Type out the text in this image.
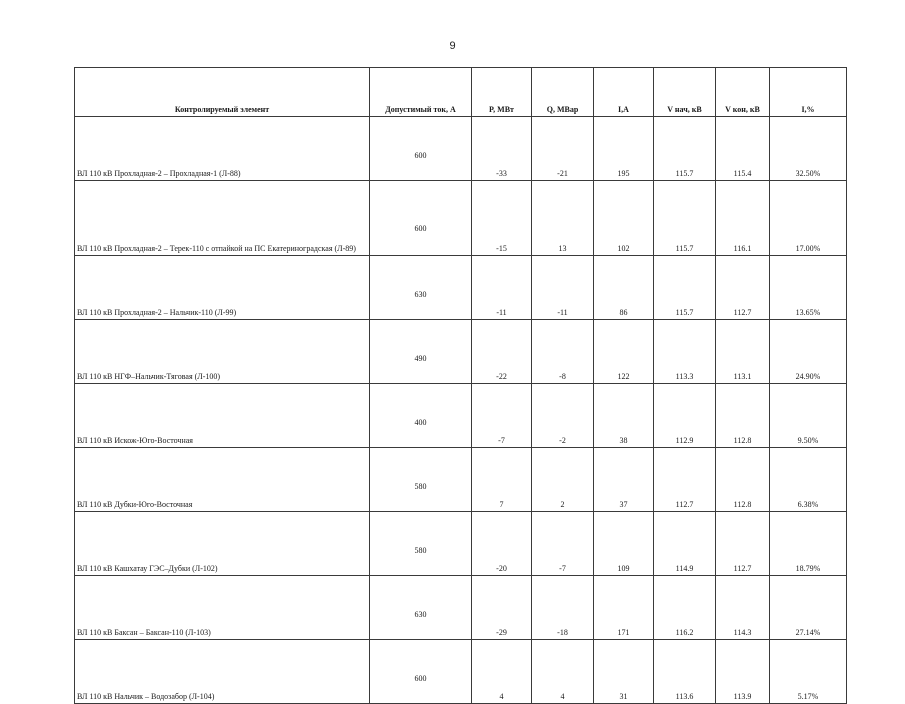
9
Контролируемый элемент	Допустимый ток, А	P, МВт	Q, МВар	I,А	V нач, кВ	V кон, кВ	I,%
ВЛ 110 кВ Прохладная-2 – Прохладная-1 (Л-88)	600	-33	-21	195	115.7	115.4	32.50%
ВЛ 110 кВ Прохладная-2 – Терек-110 с отпайкой на ПС Екатериноградская (Л-89)	600	-15	13	102	115.7	116.1	17.00%
ВЛ 110 кВ Прохладная-2 – Нальчик-110 (Л-99)	630	-11	-11	86	115.7	112.7	13.65%
ВЛ 110 кВ НГФ–Нальчик-Тяговая (Л-100)	490	-22	-8	122	113.3	113.1	24.90%
ВЛ 110 кВ Искож-Юго-Восточная	400	-7	-2	38	112.9	112.8	9.50%
ВЛ 110 кВ Дубки-Юго-Восточная	580	7	2	37	112.7	112.8	6.38%
ВЛ 110 кВ Кашхатау ГЭС–Дубки (Л-102)	580	-20	-7	109	114.9	112.7	18.79%
ВЛ 110 кВ Баксан – Баксан-110 (Л-103)	630	-29	-18	171	116.2	114.3	27.14%
ВЛ 110 кВ Нальчик – Водозабор (Л-104)	600	4	4	31	113.6	113.9	5.17%
